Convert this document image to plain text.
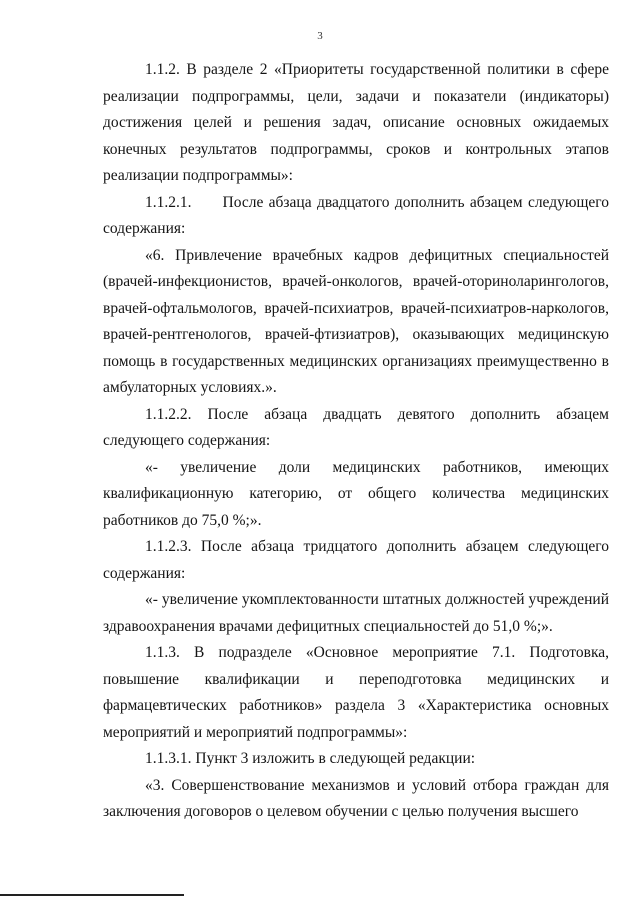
3

1.1.2. В разделе 2 «Приоритеты государственной политики в сфере реализации подпрограммы, цели, задачи и показатели (индикаторы) достижения целей и решения задач, описание основных ожидаемых конечных результатов подпрограммы, сроков и контрольных этапов реализации подпрограммы»:

1.1.2.1.  После абзаца двадцатого дополнить абзацем следующего содержания:

«6. Привлечение врачебных кадров дефицитных специальностей (врачей-инфекционистов, врачей-онкологов, врачей-оториноларингологов, врачей-офтальмологов, врачей-психиатров, врачей-психиатров-наркологов, врачей-рентгенологов, врачей-фтизиатров), оказывающих медицинскую помощь в государственных медицинских организациях преимущественно в амбулаторных условиях.».

1.1.2.2. После абзаца двадцать девятого дополнить абзацем следующего содержания:

«- увеличение доли медицинских работников, имеющих квалификационную категорию, от общего количества медицинских работников до 75,0 %;».

1.1.2.3. После абзаца тридцатого дополнить абзацем следующего содержания:

«- увеличение укомплектованности штатных должностей учреждений здравоохранения врачами дефицитных специальностей до 51,0 %;».

1.1.3. В подразделе «Основное мероприятие 7.1. Подготовка, повышение квалификации и переподготовка медицинских и фармацевтических работников» раздела 3 «Характеристика основных мероприятий и мероприятий подпрограммы»:

1.1.3.1. Пункт 3 изложить в следующей редакции:

«3. Совершенствование механизмов и условий отбора граждан для заключения договоров о целевом обучении с целью получения высшего
